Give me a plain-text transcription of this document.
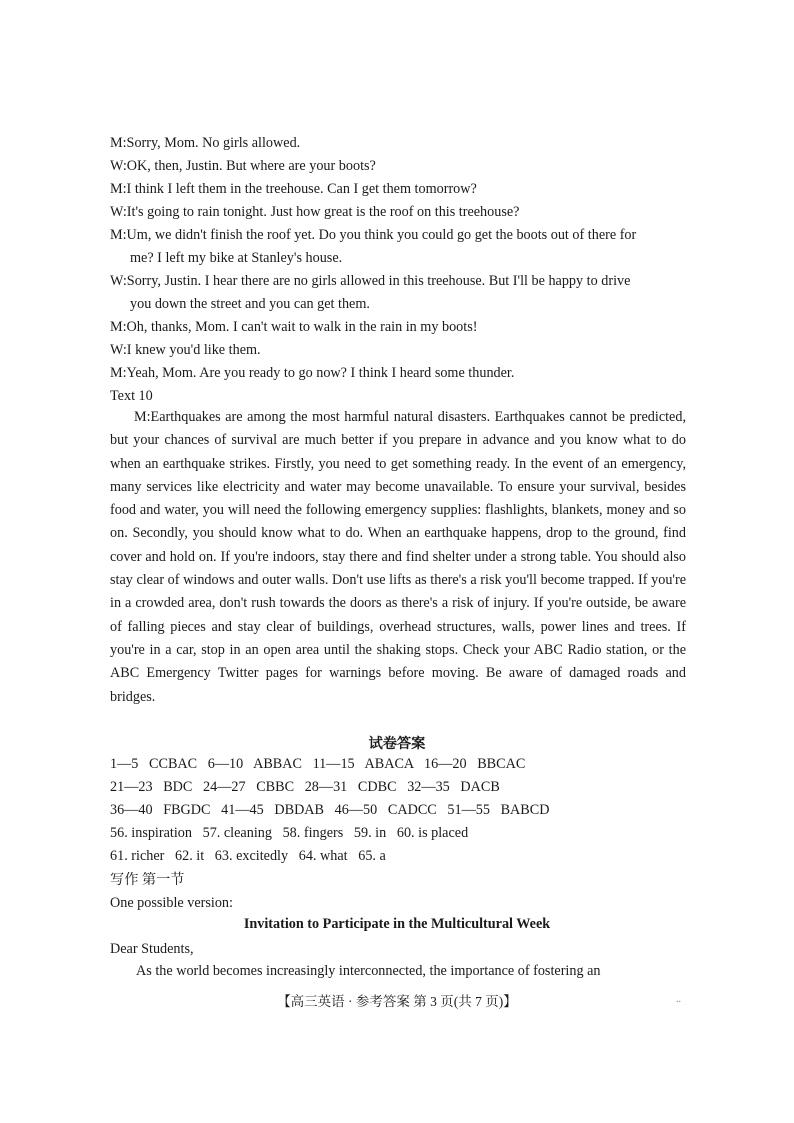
M:Sorry, Mom. No girls allowed.
W:OK, then, Justin. But where are your boots?
M:I think I left them in the treehouse. Can I get them tomorrow?
W:It's going to rain tonight. Just how great is the roof on this treehouse?
M:Um, we didn't finish the roof yet. Do you think you could go get the boots out of there for
me? I left my bike at Stanley's house.
W:Sorry, Justin. I hear there are no girls allowed in this treehouse. But I'll be happy to drive
you down the street and you can get them.
M:Oh, thanks, Mom. I can't wait to walk in the rain in my boots!
W:I knew you'd like them.
M:Yeah, Mom. Are you ready to go now? I think I heard some thunder.
Text 10
M:Earthquakes are among the most harmful natural disasters. Earthquakes cannot be predicted, but your chances of survival are much better if you prepare in advance and you know what to do when an earthquake strikes. Firstly, you need to get something ready. In the event of an emergency, many services like electricity and water may become unavailable. To ensure your survival, besides food and water, you will need the following emergency supplies: flashlights, blankets, money and so on. Secondly, you should know what to do. When an earthquake happens, drop to the ground, find cover and hold on. If you're indoors, stay there and find shelter under a strong table. You should also stay clear of windows and outer walls. Don't use lifts as there's a risk you'll become trapped. If you're in a crowded area, don't rush towards the doors as there's a risk of injury. If you're outside, be aware of falling pieces and stay clear of buildings, overhead structures, walls, power lines and trees. If you're in a car, stop in an open area until the shaking stops. Check your ABC Radio station, or the ABC Emergency Twitter pages for warnings before moving. Be aware of damaged roads and bridges.
试卷答案
1—5   CCBAC   6—10   ABBAC   11—15   ABACA   16—20   BBCAC
21—23   BDC   24—27   CBBC   28—31   CDBC   32—35   DACB
36—40   FBGDC   41—45   DBDAB   46—50   CADCC   51—55   BABCD
56. inspiration   57. cleaning   58. fingers   59. in   60. is placed
61. richer   62. it   63. excitedly   64. what   65. a
写作 第一节
One possible version:
Invitation to Participate in the Multicultural Week
Dear Students,
As the world becomes increasingly interconnected, the importance of fostering an
【高三英语 · 参考答案 第 3 页(共 7 页)】	..
